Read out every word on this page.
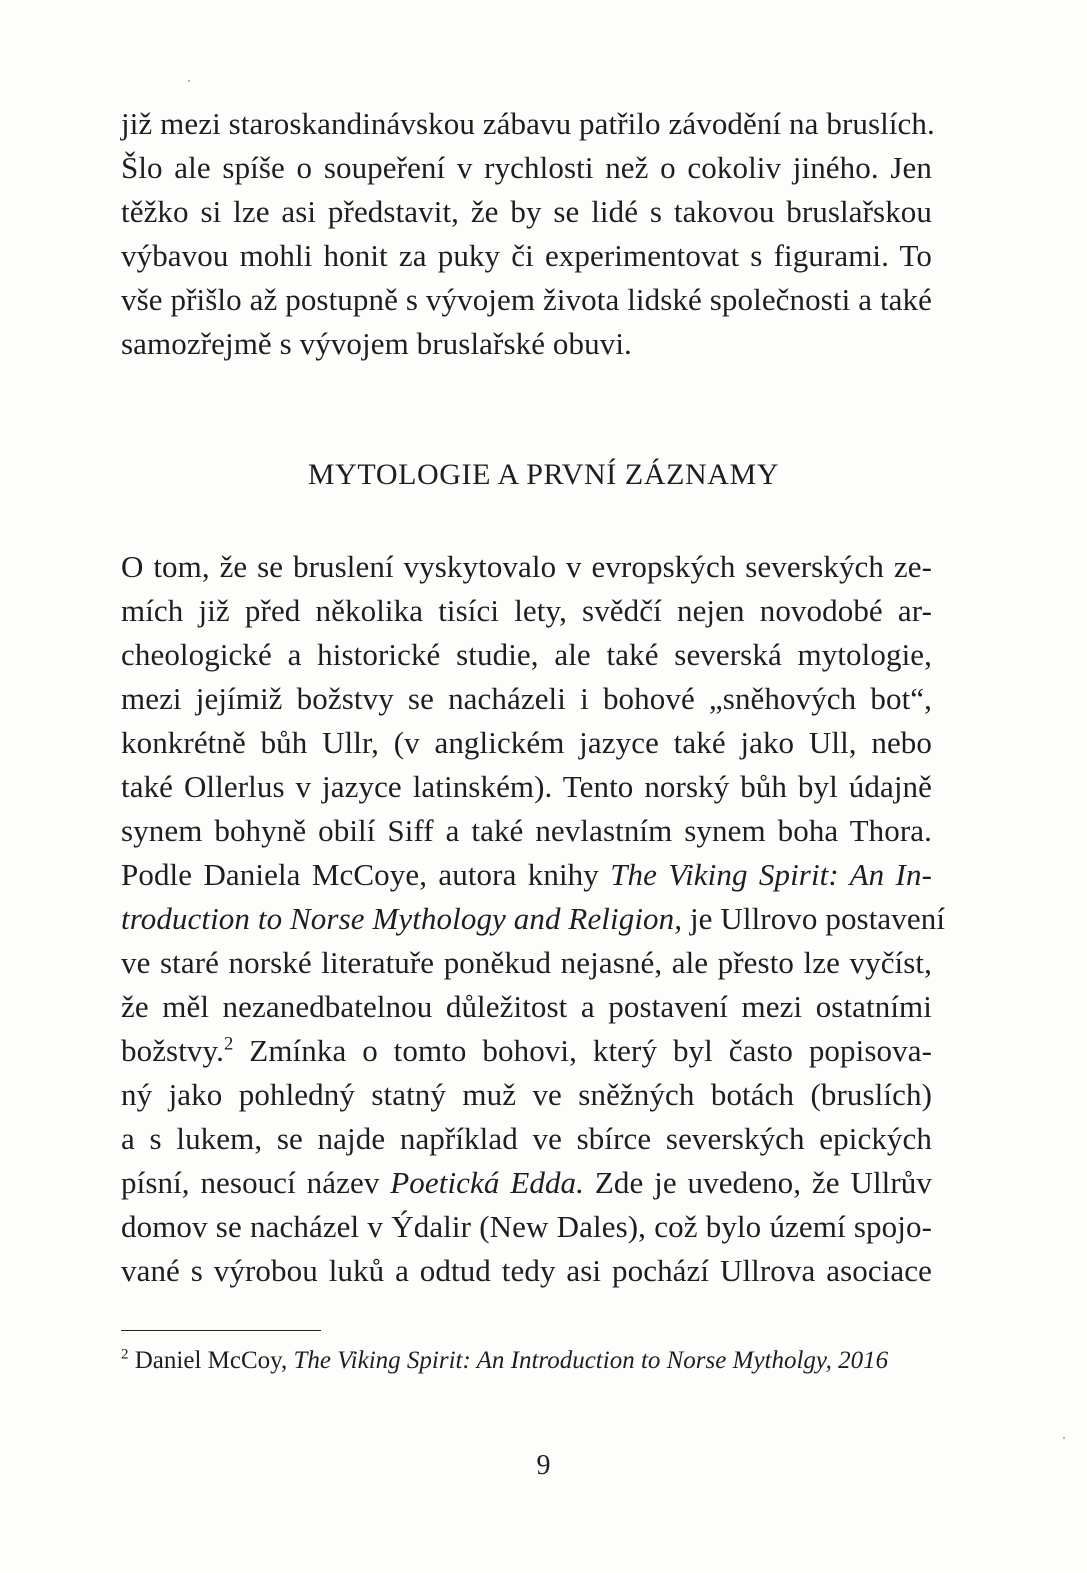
již mezi staroskandinávskou zábavu patřilo závodění na bruslích.
Šlo ale spíše o soupeření v rychlosti než o cokoliv jiného. Jen
těžko si lze asi představit, že by se lidé s takovou bruslařskou
výbavou mohli honit za puky či experimentovat s figurami. To
vše přišlo až postupně s vývojem života lidské společnosti a také
samozřejmě s vývojem bruslařské obuvi.
MYTOLOGIE A PRVNÍ ZÁZNAMY
O tom, že se bruslení vyskytovalo v evropských severských ze-
mích již před několika tisíci lety, svědčí nejen novodobé ar-
cheologické a historické studie, ale také severská mytologie,
mezi jejímiž božstvy se nacházeli i bohové „sněhových bot“,
konkrétně bůh Ullr, (v anglickém jazyce také jako Ull, nebo
také Ollerlus v jazyce latinském). Tento norský bůh byl údajně
synem bohyně obilí Siff a také nevlastním synem boha Thora.
Podle Daniela McCoye, autora knihy The Viking Spirit: An In-
troduction to Norse Mythology and Religion, je Ullrovo postavení
ve staré norské literatuře poněkud nejasné, ale přesto lze vyčíst,
že měl nezanedbatelnou důležitost a postavení mezi ostatními
božstvy.$^2$ Zmínka o tomto bohovi, který byl často popisova-
ný jako pohledný statný muž ve sněžných botách (bruslích)
a s lukem, se najde například ve sbírce severských epických
písní, nesoucí název Poetická Edda. Zde je uvedeno, že Ullrův
domov se nacházel v Ýdalir (New Dales), což bylo území spojo-
vané s výrobou luků a odtud tedy asi pochází Ullrova asociace
$^2$ Daniel McCoy, The Viking Spirit: An Introduction to Norse Mytholgy, 2016
9
